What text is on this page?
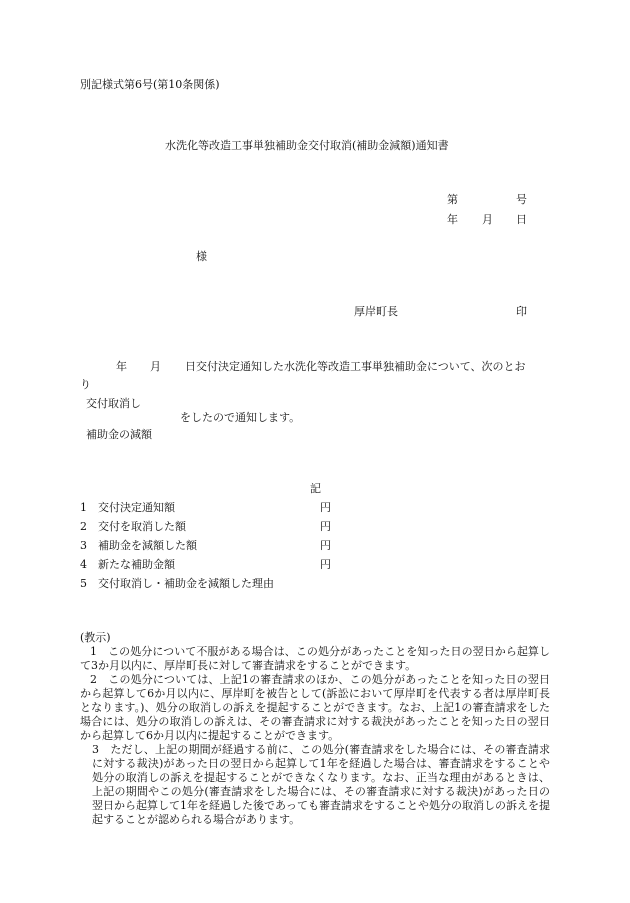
別記様式第6号(第10条関係)
水洗化等改造工事単独補助金交付取消(補助金減額)通知書
第	号
年 月 日
様
厚岸町長	印
年 月 日交付決定通知した水洗化等改造工事単独補助金について、次のとお
り
交付取消し
をしたので通知します。
補助金の減額
記
1 交付決定通知額	円
2 交付を取消した額	円
3 補助金を減額した額	円
4 新たな補助金額	円
5 交付取消し・補助金を減額した理由
(教示)
1　この処分について不服がある場合は、この処分があったことを知った日の翌日から起算して3か月以内に、厚岸町長に対して審査請求をすることができます。
2　この処分については、上記1の審査請求のほか、この処分があったことを知った日の翌日から起算して6か月以内に、厚岸町を被告として(訴訟において厚岸町を代表する者は厚岸町長となります。)、処分の取消しの訴えを提起することができます。なお、上記1の審査請求をした場合には、処分の取消しの訴えは、その審査請求に対する裁決があったことを知った日の翌日から起算して6か月以内に提起することができます。
3　ただし、上記の期間が経過する前に、この処分(審査請求をした場合には、その審査請求に対する裁決)があった日の翌日から起算して1年を経過した場合は、審査請求をすることや処分の取消しの訴えを提起することができなくなります。なお、正当な理由があるときは、上記の期間やこの処分(審査請求をした場合には、その審査請求に対する裁決)があった日の翌日から起算して1年を経過した後であっても審査請求をすることや処分の取消しの訴えを提起することが認められる場合があります。
